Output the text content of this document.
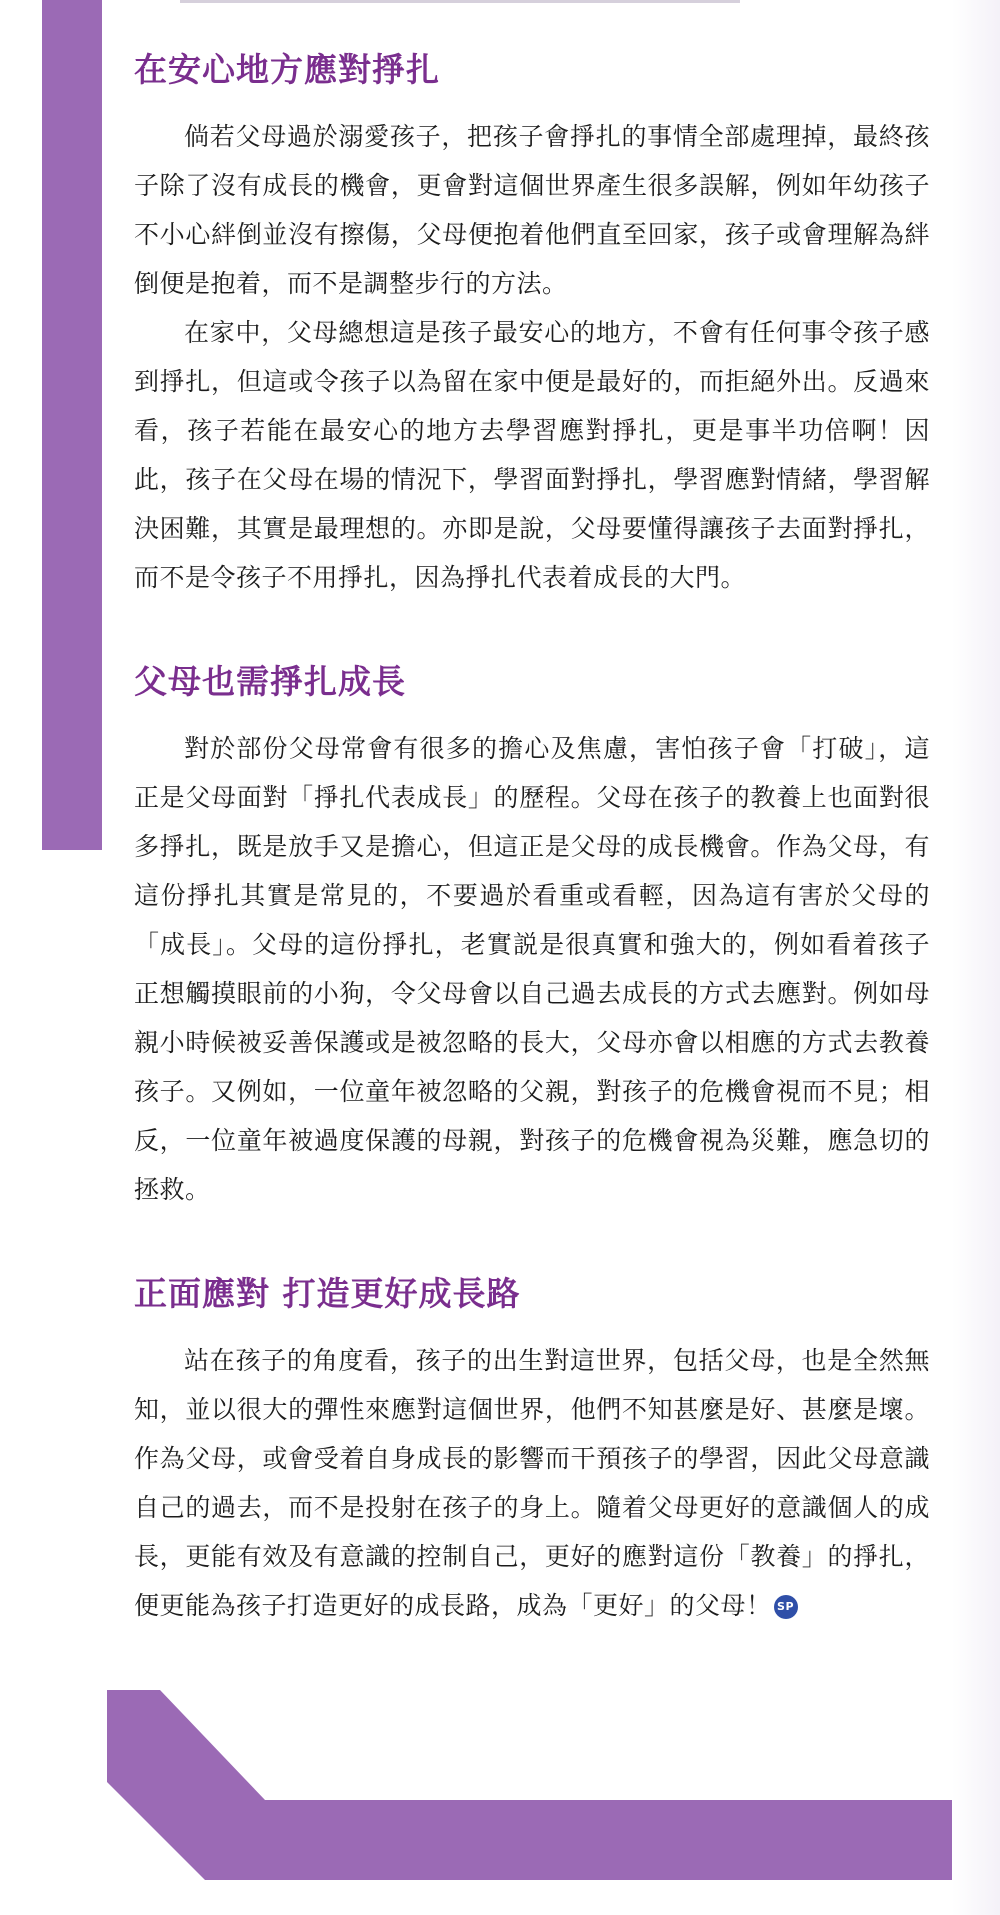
在安心地方應對掙扎

倘若父母過於溺愛孩子，把孩子會掙扎的事情全部處理掉，最終孩子除了沒有成長的機會，更會對這個世界產生很多誤解，例如年幼孩子不小心絆倒並沒有擦傷，父母便抱着他們直至回家，孩子或會理解為絆倒便是抱着，而不是調整步行的方法。

在家中，父母總想這是孩子最安心的地方，不會有任何事令孩子感到掙扎，但這或令孩子以為留在家中便是最好的，而拒絕外出。反過來看，孩子若能在最安心的地方去學習應對掙扎，更是事半功倍啊！因此，孩子在父母在場的情況下，學習面對掙扎，學習應對情緒，學習解決困難，其實是最理想的。亦即是說，父母要懂得讓孩子去面對掙扎，而不是令孩子不用掙扎，因為掙扎代表着成長的大門。

父母也需掙扎成長

對於部份父母常會有很多的擔心及焦慮，害怕孩子會「打破」，這正是父母面對「掙扎代表成長」的歷程。父母在孩子的教養上也面對很多掙扎，既是放手又是擔心，但這正是父母的成長機會。作為父母，有這份掙扎其實是常見的，不要過於看重或看輕，因為這有害於父母的「成長」。父母的這份掙扎，老實説是很真實和強大的，例如看着孩子正想觸摸眼前的小狗，令父母會以自己過去成長的方式去應對。例如母親小時候被妥善保護或是被忽略的長大，父母亦會以相應的方式去教養孩子。又例如，一位童年被忽略的父親，對孩子的危機會視而不見；相反，一位童年被過度保護的母親，對孩子的危機會視為災難，應急切的拯救。

正面應對 打造更好成長路

站在孩子的角度看，孩子的出生對這世界，包括父母，也是全然無知，並以很大的彈性來應對這個世界，他們不知甚麼是好、甚麼是壞。作為父母，或會受着自身成長的影響而干預孩子的學習，因此父母意識自己的過去，而不是投射在孩子的身上。隨着父母更好的意識個人的成長，更能有效及有意識的控制自己，更好的應對這份「教養」的掙扎，便更能為孩子打造更好的成長路，成為「更好」的父母！ SP
